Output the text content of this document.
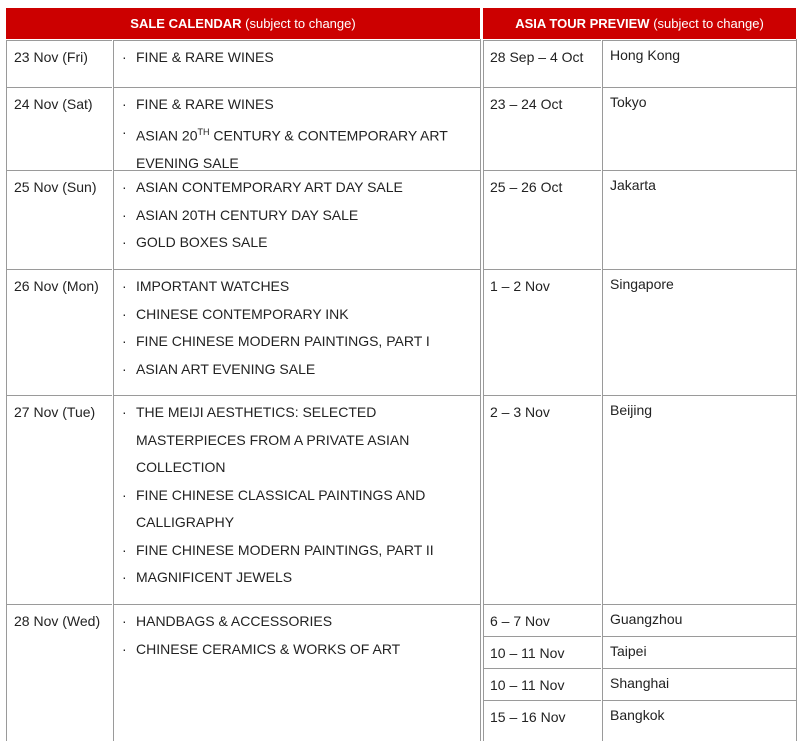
SALE CALENDAR (subject to change)	ASIA TOUR PREVIEW (subject to change)
23 Nov (Fri)	· FINE & RARE WINES
24 Nov (Sat)	· FINE & RARE WINES
· ASIAN 20TH CENTURY & CONTEMPORARY ART EVENING SALE
25 Nov (Sun)	· ASIAN CONTEMPORARY ART DAY SALE
· ASIAN 20TH CENTURY DAY SALE
· GOLD BOXES SALE
26 Nov (Mon)	· IMPORTANT WATCHES
· CHINESE CONTEMPORARY INK
· FINE CHINESE MODERN PAINTINGS, PART I
· ASIAN ART EVENING SALE
27 Nov (Tue)	· THE MEIJI AESTHETICS: SELECTED MASTERPIECES FROM A PRIVATE ASIAN COLLECTION
· FINE CHINESE CLASSICAL PAINTINGS AND CALLIGRAPHY
· FINE CHINESE MODERN PAINTINGS, PART II
· MAGNIFICENT JEWELS
28 Nov (Wed)	· HANDBAGS & ACCESSORIES
· CHINESE CERAMICS & WORKS OF ART
28 Sep – 4 Oct	Hong Kong
23 – 24 Oct	Tokyo
25 – 26 Oct	Jakarta
1 – 2 Nov	Singapore
2 – 3 Nov	Beijing
6 – 7 Nov	Guangzhou
10 – 11 Nov	Taipei
10 – 11 Nov	Shanghai
15 – 16 Nov	Bangkok
